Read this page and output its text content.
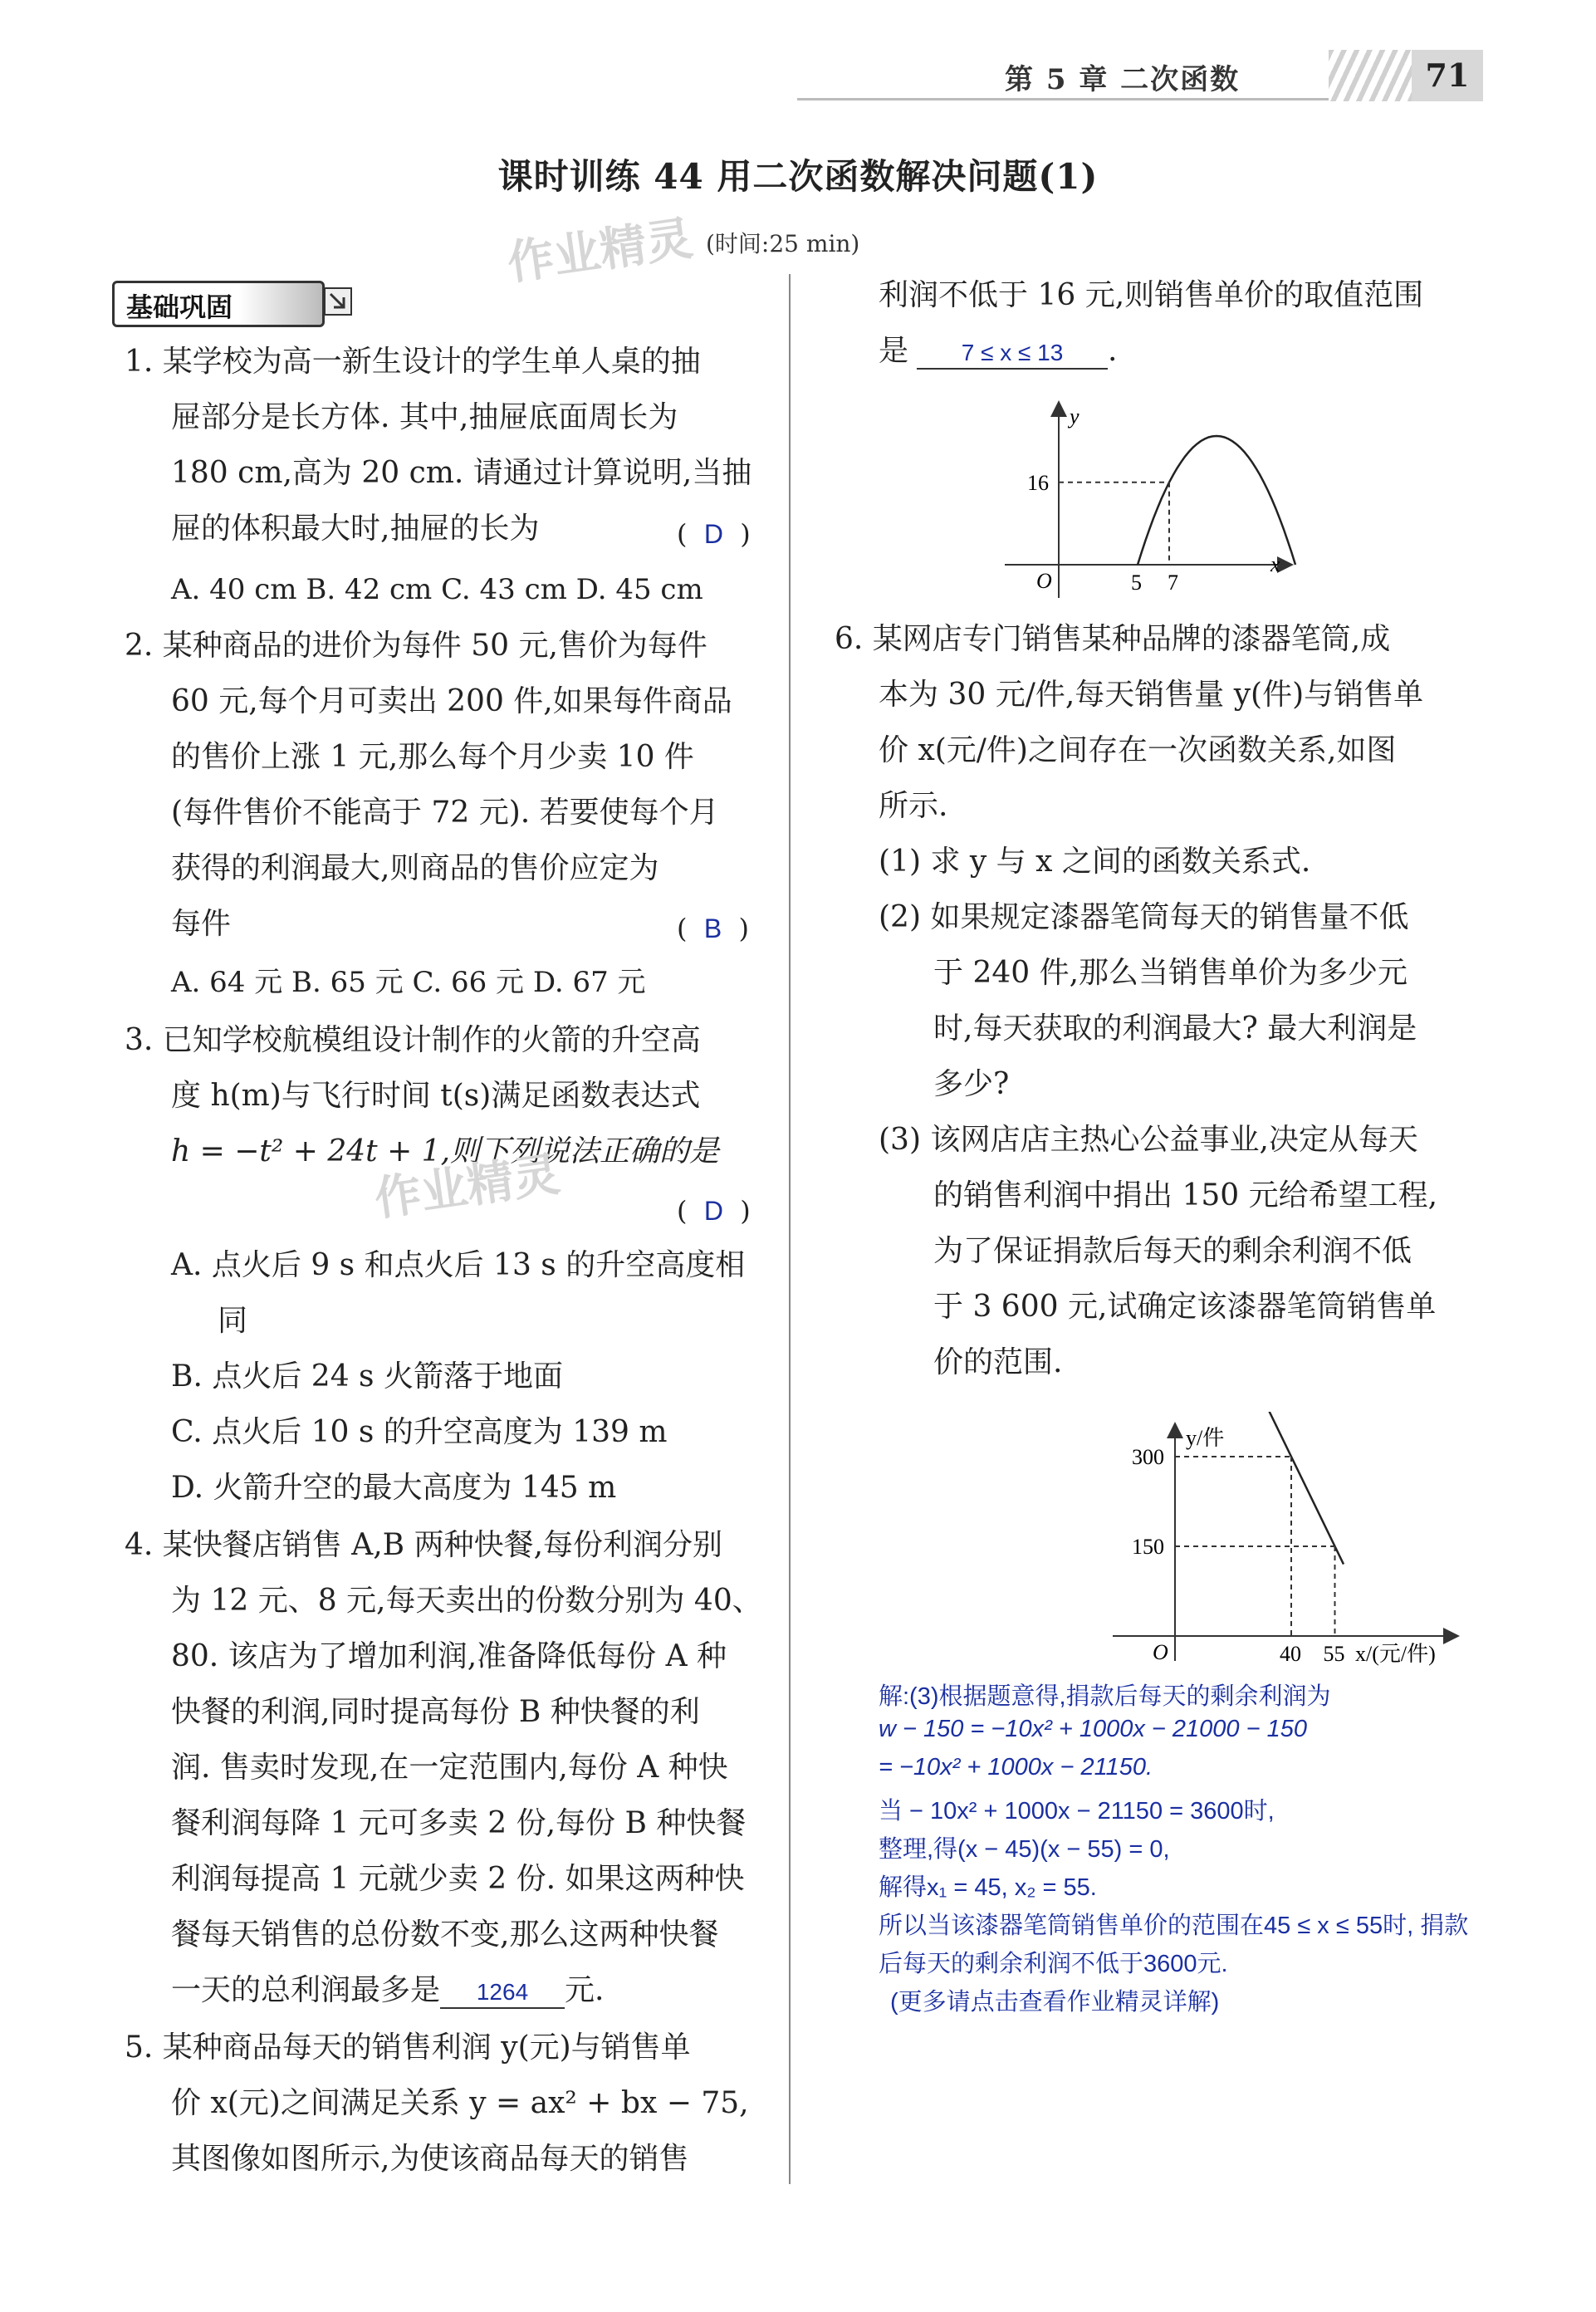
第 5 章 二次函数	71
课时训练 44 用二次函数解决问题(1)
作业精灵 (时间:25 min)
基础巩固
1. 某学校为高一新生设计的学生单人桌的抽
屉部分是长方体. 其中,抽屉底面周长为
180 cm,高为 20 cm. 请通过计算说明,当抽
屉的体积最大时,抽屉的长为	(  D  )
A. 40 cm B. 42 cm C. 43 cm D. 45 cm
2. 某种商品的进价为每件 50 元,售价为每件
60 元,每个月可卖出 200 件,如果每件商品
的售价上涨 1 元,那么每个月少卖 10 件
(每件售价不能高于 72 元). 若要使每个月
获得的利润最大,则商品的售价应定为
每件	(  B  )
A. 64 元 B. 65 元 C. 66 元 D. 67 元
3. 已知学校航模组设计制作的火箭的升空高
度 h(m)与飞行时间 t(s)满足函数表达式
h = −t² + 24t + 1,则下列说法正确的是
作业精灵	(  D  )
A. 点火后 9 s 和点火后 13 s 的升空高度相
同
B. 点火后 24 s 火箭落于地面
C. 点火后 10 s 的升空高度为 139 m
D. 火箭升空的最大高度为 145 m
4. 某快餐店销售 A,B 两种快餐,每份利润分别
为 12 元、8 元,每天卖出的份数分别为 40、
80. 该店为了增加利润,准备降低每份 A 种
快餐的利润,同时提高每份 B 种快餐的利
润. 售卖时发现,在一定范围内,每份 A 种快
餐利润每降 1 元可多卖 2 份,每份 B 种快餐
利润每提高 1 元就少卖 2 份. 如果这两种快
餐每天销售的总份数不变,那么这两种快餐
一天的总利润最多是 1264 元.
5. 某种商品每天的销售利润 y(元)与销售单
价 x(元)之间满足关系 y = ax² + bx − 75,
其图像如图所示,为使该商品每天的销售
利润不低于 16 元,则销售单价的取值范围
是 7 ≤ x ≤ 13 .
y
x
O	5 7
16
6. 某网店专门销售某种品牌的漆器笔筒,成
本为 30 元/件,每天销售量 y(件)与销售单
价 x(元/件)之间存在一次函数关系,如图
所示.
(1) 求 y 与 x 之间的函数关系式.
(2) 如果规定漆器笔筒每天的销售量不低
于 240 件,那么当销售单价为多少元
时,每天获取的利润最大? 最大利润是
多少?
(3) 该网店店主热心公益事业,决定从每天
的销售利润中捐出 150 元给希望工程,
为了保证捐款后每天的剩余利润不低
于 3 600 元,试确定该漆器笔筒销售单
价的范围.
y/件
x/(元/件)
O	40 55
150
300
解:(3)根据题意得,捐款后每天的剩余利润为
w − 150 = −10x² + 1000x − 21000 − 150
= −10x² + 1000x − 21150.
当 − 10x² + 1000x − 21150 = 3600时,
整理,得(x − 45)(x − 55) = 0,
解得x₁ = 45, x₂ = 55.
所以当该漆器笔筒销售单价的范围在45 ≤ x ≤ 55时, 捐款
后每天的剩余利润不低于3600元.
(更多请点击查看作业精灵详解)
